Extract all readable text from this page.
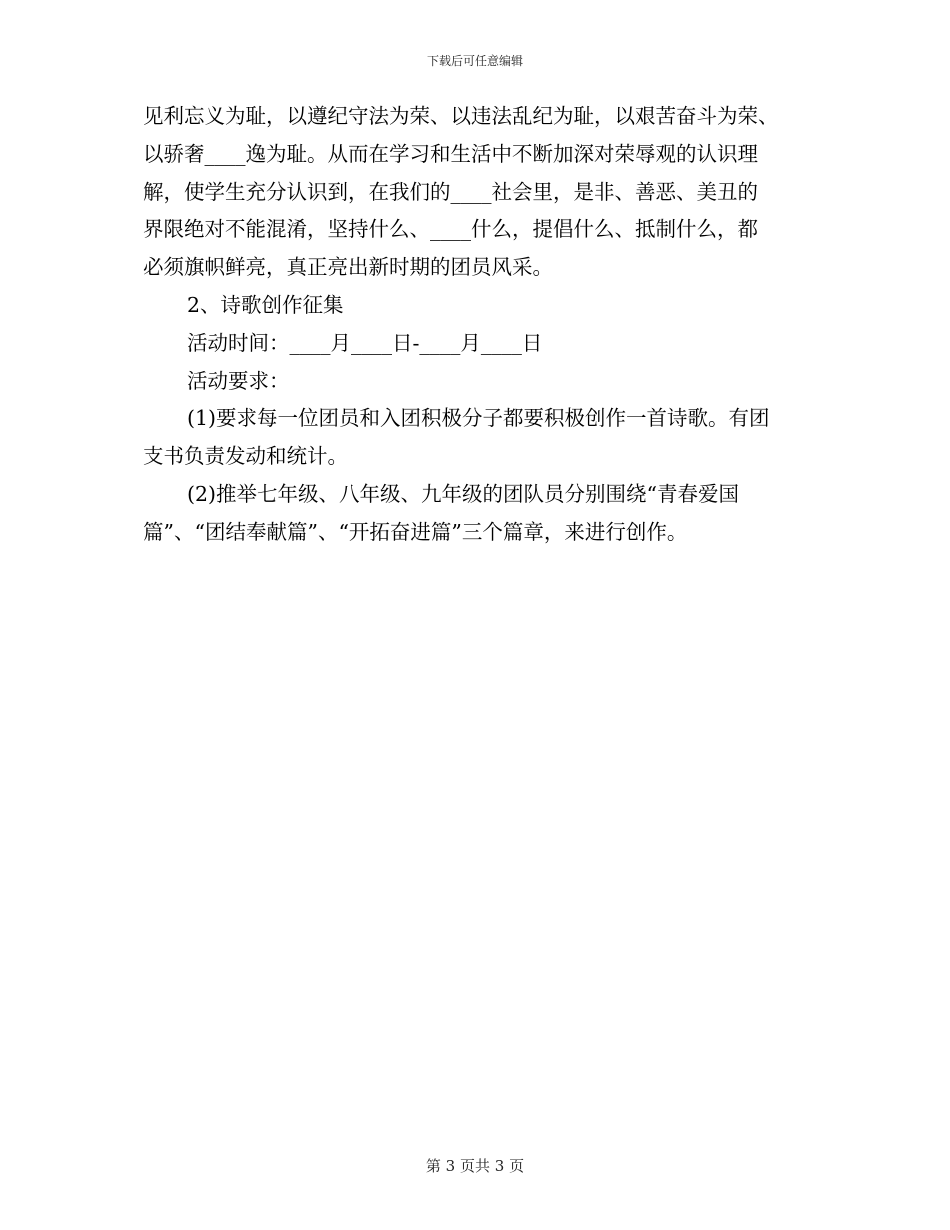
下载后可任意编辑
见利忘义为耻，以遵纪守法为荣、以违法乱纪为耻，以艰苦奋斗为荣、
以骄奢____逸为耻。从而在学习和生活中不断加深对荣辱观的认识理
解，使学生充分认识到，在我们的____社会里，是非、善恶、美丑的
界限绝对不能混淆，坚持什么、____什么，提倡什么、抵制什么，都
必须旗帜鲜亮，真正亮出新时期的团员风采。
2、诗歌创作征集
活动时间：____月____日-____月____日
活动要求：
(1)要求每一位团员和入团积极分子都要积极创作一首诗歌。有团
支书负责发动和统计。
(2)推举七年级、八年级、九年级的团队员分别围绕“青春爱国
篇”、“团结奉献篇”、“开拓奋进篇”三个篇章，来进行创作。
第 3 页共 3 页
